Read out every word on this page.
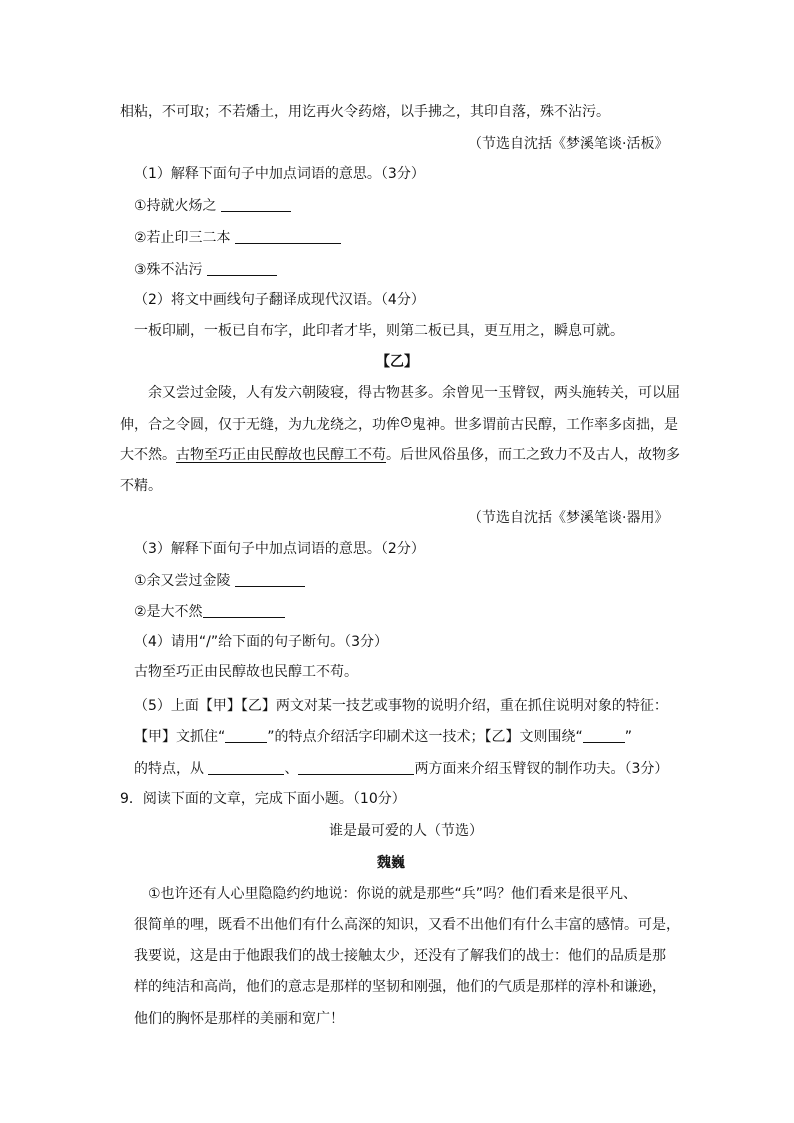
相粘，不可取；不若燔土，用讫再火令药熔，以手拂之，其印自落，殊不沾污。
（节选自沈括《梦溪笔谈·活板》
（1）解释下面句子中加点词语的意思。（3分）
①持就火炀之
②若止印三二本
③殊不沾污
（2）将文中画线句子翻译成现代汉语。（4分）
一板印刷，一板已自布字，此印者才毕，则第二板已具，更互用之，瞬息可就。
【乙】
余又尝过金陵，人有发六朝陵寝，得古物甚多。余曾见一玉臂钗，两头施转关，可以屈
伸，合之令圆，仅于无缝，为九龙绕之，功侔 1 鬼神。世多谓前古民醇，工作率多卤拙，是
大不然。古物至巧正由民醇故也民醇工不苟。后世风俗虽侈，而工之致力不及古人，故物多
不精。
（节选自沈括《梦溪笔谈·器用》
（3）解释下面句子中加点词语的意思。（2分）
①余又尝过金陵
②是大不然
（4）请用“/”给下面的句子断句。（3分）
古物至巧正由民醇故也民醇工不苟。
（5）上面【甲】【乙】两文对某一技艺或事物的说明介绍，重在抓住说明对象的特征：
【甲】文抓住“	”的特点介绍活字印刷术这一技术；【乙】文则围绕“	”
的特点，从	、	两方面来介绍玉臂钗的制作功夫。（3分）
9．阅读下面的文章，完成下面小题。（10分）
谁是最可爱的人（节选）
魏巍
①也许还有人心里隐隐约约地说：你说的就是那些“兵”吗？他们看来是很平凡、
很简单的哩，既看不出他们有什么高深的知识，又看不出他们有什么丰富的感情。可是，
我要说，这是由于他跟我们的战士接触太少，还没有了解我们的战士：他们的品质是那
样的纯洁和高尚，他们的意志是那样的坚韧和刚强，他们的气质是那样的淳朴和谦逊，
他们的胸怀是那样的美丽和宽广！
